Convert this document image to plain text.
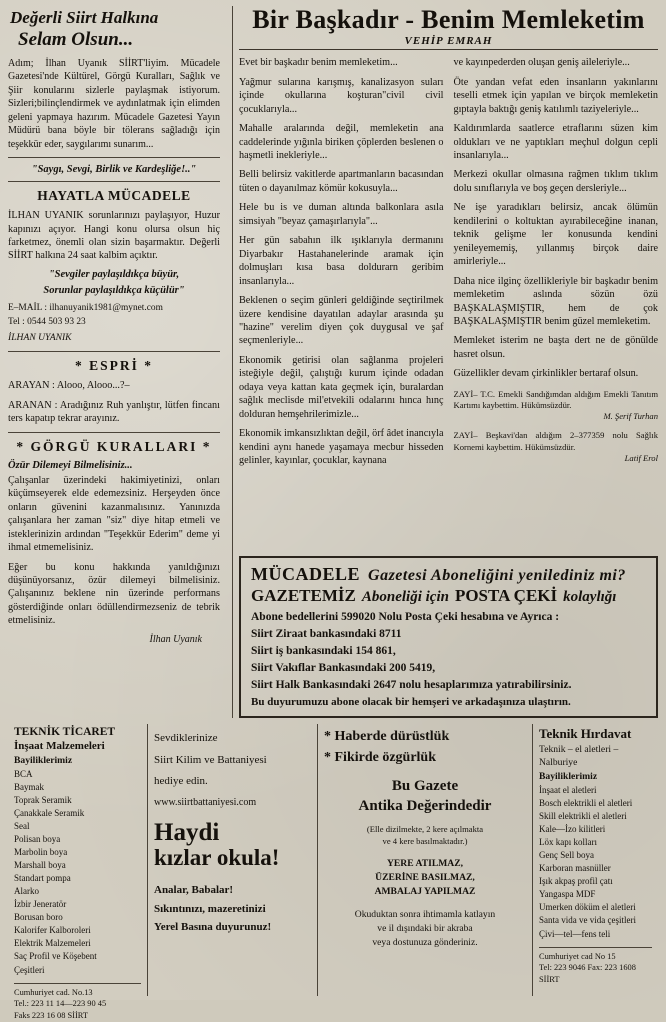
Değerli Siirt Halkına
Selam Olsun...

Adım; İlhan Uyanık SİİRT'liyim. Mücadele Gazetesi'nde Kültürel, Görgü Kuralları, Sağlık ve Şiir konularını sizlerle paylaşmak istiyorum. Sizleri;bilinçlendirmek ve aydınlatmak için elimden geleni yapmaya hazırım. Mücadele Gazetesi Yayın Müdürü bana böyle bir tölerans sağladığı için teşekkür eder, saygılarımı sunarım...

"Saygı, Sevgi, Birlik ve Kardeşliğe!.."
HAYATLA MÜCADELE

İLHAN UYANIK sorunlarınızı paylaşıyor, Huzur kapınızı açıyor. Hangi konu olursa olsun hiç farketmez, önemli olan sizin başarmaktır. Değerli SİİRT halkına 24 saat kalbim açıktır.

"Sevgiler paylaşıldıkça büyür,
Sorunlar paylaşıldıkça küçülür"
E–MAİL : ilhanuyanik1981@mynet.com
Tel : 0544 503 93 23
İLHAN UYANIK
* ESPRİ *

ARAYAN : Alooo, Alooo...?–

ARANAN : Aradığınız Ruh yanlıştır, lütfen fincanı ters kapatıp tekrar arayınız.

* GÖRGÜ KURALLARI *
Özür Dilemeyi Bilmelisiniz...

Çalışanlar üzerindeki hakimiyetinizi, onları küçümseyerek elde edemezsiniz. Herşeyden önce onların güvenini kazanmalısınız. Yanınızda çalışanlara her zaman "siz" diye hitap etmeli ve isteklerinizin ardından "Teşekkür Ederim" deme yi ihmal etmemelisiniz.

Eğer bu konu hakkında yanıldığınızı düşünüyorsanız, özür dilemeyi bilmelisiniz. Çalışanınız beklene nin üzerinde performans gösterdiğinde onları ödüllendirmezseniz de tebrik etmelisiniz.

İlhan Uyanık
Bir Başkadır - Benim Memleketim
VEHİP EMRAH

Evet bir başkadır benim memleketim...

Yağmur sularına karışmış, kanalizasyon suları içinde okullarına koşturan"civil civil çocuklarıyla...

Mahalle aralarında değil, memleketin ana caddelerinde yığınla biriken çöplerden beslenen o haşmetli inekleriyle...

Belli belirsiz vakitlerde apartmanların bacasından tüten o dayanılmaz kömür kokusuyla...

Hele bu is ve duman altında balkonlara asıla simsiyah "beyaz çamaşırlarıyla"...

Her gün sabahın ilk ışıklarıyla dermanını Diyarbakır Hastahanelerinde aramak için dolmuşları kısa basa doldurarn geribim insanlarıyla...

Beklenen o seçim günleri geldiğinde seçtirilmek üzere kendisine dayatılan adaylar arasında şu "hazine" verelim diyen çok duygusal ve şaf seçmenleriyle...

Ekonomik getirisi olan sağlanma projeleri isteğiyle değil, çalıştığı kurum içinde odadan odaya veya kattan kata geçmek için, buralardan sağlık meclisde mil'etvekili odalarını hınca hınç dolduran hemşehrilerimizle...

Ekonomik imkansızlıktan değil, örf âdet inancıyla kendini aynı hanede yaşamaya mecbur hisseden gelinler, kayınlar, çocuklar, kaynana

ve kayınpederden oluşan geniş aileleriyle...

Öte yandan vefat eden insanların yakınlarını teselli etmek için yapılan ve birçok memleketin gıptayla baktığı geniş katılımlı taziyeleriyle...

Kaldırımlarda saatlerce etraflarını süzen kim oldukları ve ne yaptıkları meçhul dolgun cepli insanlarıyla...

Merkezi okullar olmasına rağmen tıklım tıklım dolu sınıflarıyla ve boş geçen dersleriyle...

Ne işe yaradıkları belirsiz, ancak ölümün kendilerini o koltuktan ayırabileceğine inanan, teknik gelişme ler konusunda kendini yenileyememiş, yıllanmış birçok daire amirleriyle...

Daha nice ilginç özellikleriyle bir başkadır benim memleketim aslında sözün özü BAŞKALAŞMIŞTIR, hem de çok BAŞKALAŞMIŞTIR benim güzel memleketim.

Memleket isterim ne başta dert ne de gönülde hasret olsun.

Güzellikler devam çirkinlikler bertaraf olsun.

ZAYİ– T.C. Emekli Sandığımdan aldığım Emekli Tanıtım Kartımı kaybettim. Hükümsüzdür.
M. Şerif Turhan
ZAYİ– Beşkavi'dan aldığım 2–377359 nolu Sağlık Kornemi kaybettim. Hükümsüzdür.
Latif Erol
MÜCADELE Gazetesi Aboneliğini yenilediniz mi?
GAZETEMİZ Aboneliği için POSTA ÇEKİ kolaylığı
Abone bedellerini 599020 Nolu Posta Çeki hesabına ve Ayrıca :
Siirt Ziraat bankasındaki 8711
Siirt iş bankasındaki 154 861,
Siirt Vakıflar Bankasındaki 200 5419,
Siirt Halk Bankasındaki 2647 nolu hesaplarımıza yatırabilirsiniz.
Bu duyurumuzu abone olacak bir hemşeri ve arkadaşınıza ulaştırın.
TEKNİK TİCARET
İnşaat Malzemeleri
Bayiliklerimiz
BCA
Baymak
Toprak Seramik
Çanakkale Seramik
Seal
Polisan boya
Marbolin boya
Marshall boya
Standart pompa
Alarko
İzbir Jeneratör
Borusan boro
Kalorifer Kalboroleri
Elektrik Malzemeleri
Saç Profil ve Köşebent
Çeşitleri
Cumhuriyet cad. No.13
Tel.: 223 11 14—223 90 45
Faks 223 16 08 SİİRT
Sevdiklerinize
Siirt Kilim ve Battaniyesi
hediye edin.
www.siirtbattaniyesi.com
Haydi
kızlar okula!
Analar, Babalar!
Sıkıntınızı, mazeretinizi
Yerel Basına duyurunuz!
* Haberde dürüstlük
* Fikirde özgürlük
Bu Gazete
Antika Değerindedir
(Elle dizilmekte, 2 kere açılmakta
ve 4 kere basılmaktadır.)
YERE ATILMAZ,
ÜZERİNE BASILMAZ,
AMBALAJ YAPILMAZ
Okuduktan sonra ihtimamla katlayın
ve il dışındaki bir akraba
veya dostunuza gönderiniz.
Teknik Hırdavat
Teknik – el aletleri –
Nalburiye
Bayiliklerimiz
İnşaat el aletleri
Bosch elektrikli el aletleri
Skill elektrikli el aletleri
Kale—İzo kilitleri
Löx kapı kolları
Genç Sell boya
Karboran masnüller
Işık akpaş profil çatı
Yangaspa MDF
Umerken döküm el aletleri
Santa vida ve vida çeşitleri
Çivi—tel—fens teli
Cumhuriyet cad No 15
Tel: 223 9046 Fax: 223 1608
SİİRT
